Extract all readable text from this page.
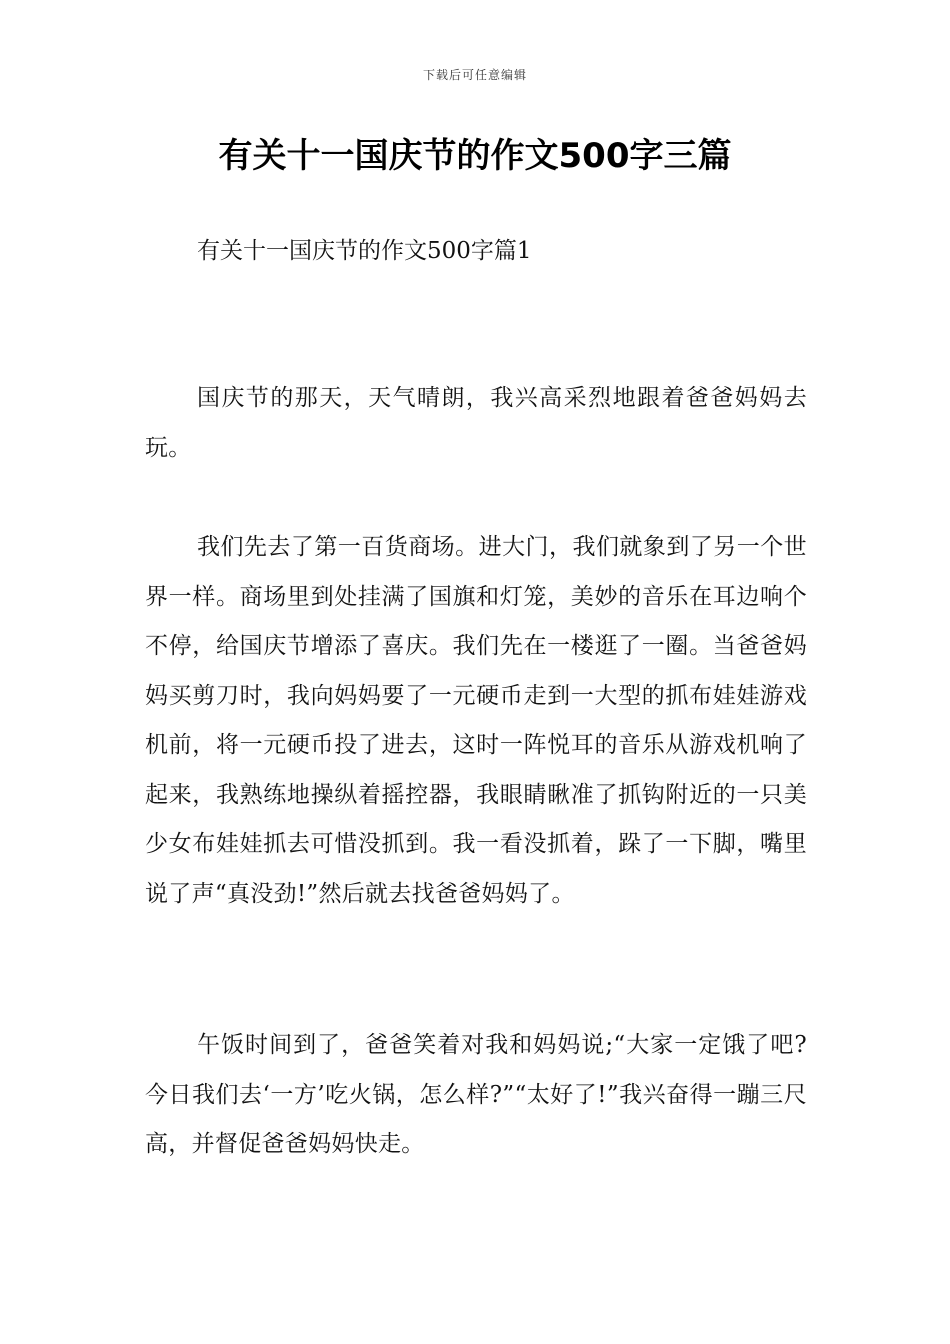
下载后可任意编辑
有关十一国庆节的作文500字三篇
有关十一国庆节的作文500字篇1

国庆节的那天，天气晴朗，我兴高采烈地跟着爸爸妈妈去玩。

我们先去了第一百货商场。进大门，我们就象到了另一个世界一样。商场里到处挂满了国旗和灯笼，美妙的音乐在耳边响个不停，给国庆节增添了喜庆。我们先在一楼逛了一圈。当爸爸妈妈买剪刀时，我向妈妈要了一元硬币走到一大型的抓布娃娃游戏机前，将一元硬币投了进去，这时一阵悦耳的音乐从游戏机响了起来，我熟练地操纵着摇控器，我眼睛瞅准了抓钩附近的一只美少女布娃娃抓去可惜没抓到。我一看没抓着，跺了一下脚，嘴里说了声“真没劲!”然后就去找爸爸妈妈了。

午饭时间到了，爸爸笑着对我和妈妈说;“大家一定饿了吧?今日我们去‘一方’吃火锅，怎么样?”“太好了!”我兴奋得一蹦三尺高，并督促爸爸妈妈快走。
